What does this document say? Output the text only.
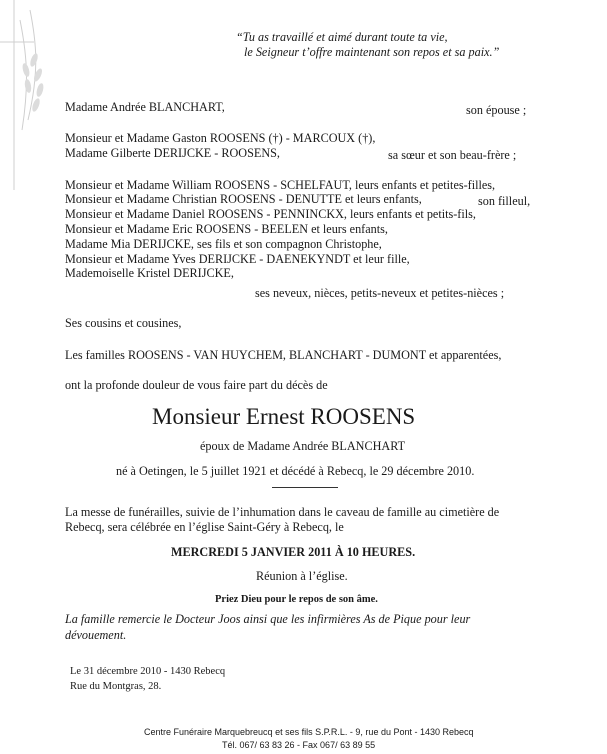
“Tu as travaillé et aimé durant toute ta vie,
le Seigneur t’offre maintenant son repos et sa paix.”
Madame Andrée BLANCHART,	son épouse ;
Monsieur et Madame Gaston ROOSENS (†) - MARCOUX (†),
Madame Gilberte DERIJCKE - ROOSENS,	sa sœur et son beau-frère ;
Monsieur et Madame William ROOSENS - SCHELFAUT, leurs enfants et petites-filles,
Monsieur et Madame Christian ROOSENS - DENUTTE et leurs enfants,	son filleul,
Monsieur et Madame Daniel ROOSENS - PENNINCKX, leurs enfants et petits-fils,
Monsieur et Madame Eric ROOSENS - BEELEN et leurs enfants,
Madame Mia DERIJCKE, ses fils et son compagnon Christophe,
Monsieur et Madame Yves DERIJCKE - DAENEKYNDT et leur fille,
Mademoiselle Kristel DERIJCKE,
ses neveux, nièces, petits-neveux et petites-nièces ;
Ses cousins et cousines,
Les familles ROOSENS - VAN HUYCHEM, BLANCHART - DUMONT et apparentées,
ont la profonde douleur de vous faire part du décès de
Monsieur Ernest ROOSENS
époux de Madame Andrée BLANCHART
né à Oetingen, le 5 juillet 1921 et décédé à Rebecq, le 29 décembre 2010.
La messe de funérailles, suivie de l’inhumation dans le caveau de famille au cimetière de
Rebecq, sera célébrée en l’église Saint-Géry à Rebecq, le
MERCREDI 5 JANVIER 2011 À 10 HEURES.
Réunion à l’église.
Priez Dieu pour le repos de son âme.
La famille remercie le Docteur Joos ainsi que les infirmières As de Pique pour leur
dévouement.
Le 31 décembre 2010 - 1430 Rebecq
Rue du Montgras, 28.
Centre Funéraire Marquebreucq et ses fils S.P.R.L. - 9, rue du Pont - 1430 Rebecq
Tél. 067/ 63 83 26 - Fax 067/ 63 89 55
